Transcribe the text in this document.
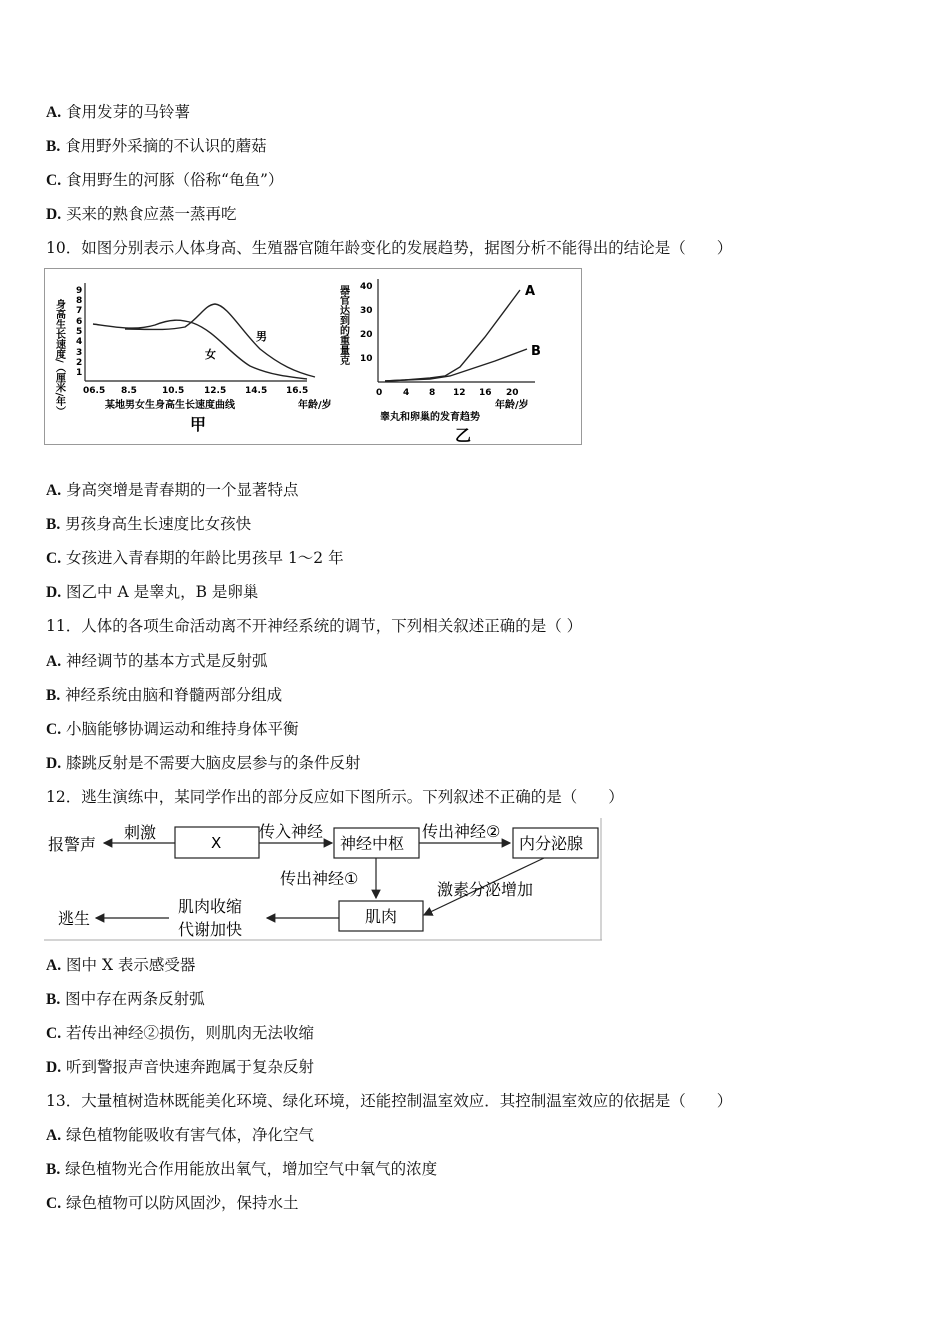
A. 食用发芽的马铃薯
B. 食用野外采摘的不认识的蘑菇
C. 食用野生的河豚（俗称“龟鱼”）
D. 买来的熟食应蒸一蒸再吃
10．如图分别表示人体身高、生殖器官随年龄变化的发展趋势，据图分析不能得出的结论是（　　）
身高生长速度/（厘米/年）
9
8
7
6
5
4
3
2
1
06.5 8.5	10.5 12.5 14.5 16.5
男
女
某地男女生身高生长速度曲线	年龄/岁
甲
器官达到的重量克 40
30
20
10
0 4 8 12 16 20
A
B
年龄/岁
睾丸和卵巢的发育趋势
乙
A. 身高突增是青春期的一个显著特点
B. 男孩身高生长速度比女孩快
C. 女孩进入青春期的年龄比男孩早 1～2 年
D. 图乙中 A 是睾丸，B 是卵巢
11．人体的各项生命活动离不开神经系统的调节，下列相关叙述正确的是（ ）
A. 神经调节的基本方式是反射弧
B. 神经系统由脑和脊髓两部分组成
C. 小脑能够协调运动和维持身体平衡
D. 膝跳反射是不需要大脑皮层参与的条件反射
12．逃生演练中，某同学作出的部分反应如下图所示。下列叙述不正确的是（　　）
X
报警声
刺激	传入神经
神经中枢
传出神经②
内分泌腺
传出神经①
激素分泌增加
肌肉
肌肉收缩
代谢加快
逃生
A. 图中 X 表示感受器
B. 图中存在两条反射弧
C. 若传出神经②损伤，则肌肉无法收缩
D. 听到警报声音快速奔跑属于复杂反射
13．大量植树造林既能美化环境、绿化环境，还能控制温室效应．其控制温室效应的依据是（　　）
A. 绿色植物能吸收有害气体，净化空气
B. 绿色植物光合作用能放出氧气，增加空气中氧气的浓度
C. 绿色植物可以防风固沙，保持水土
